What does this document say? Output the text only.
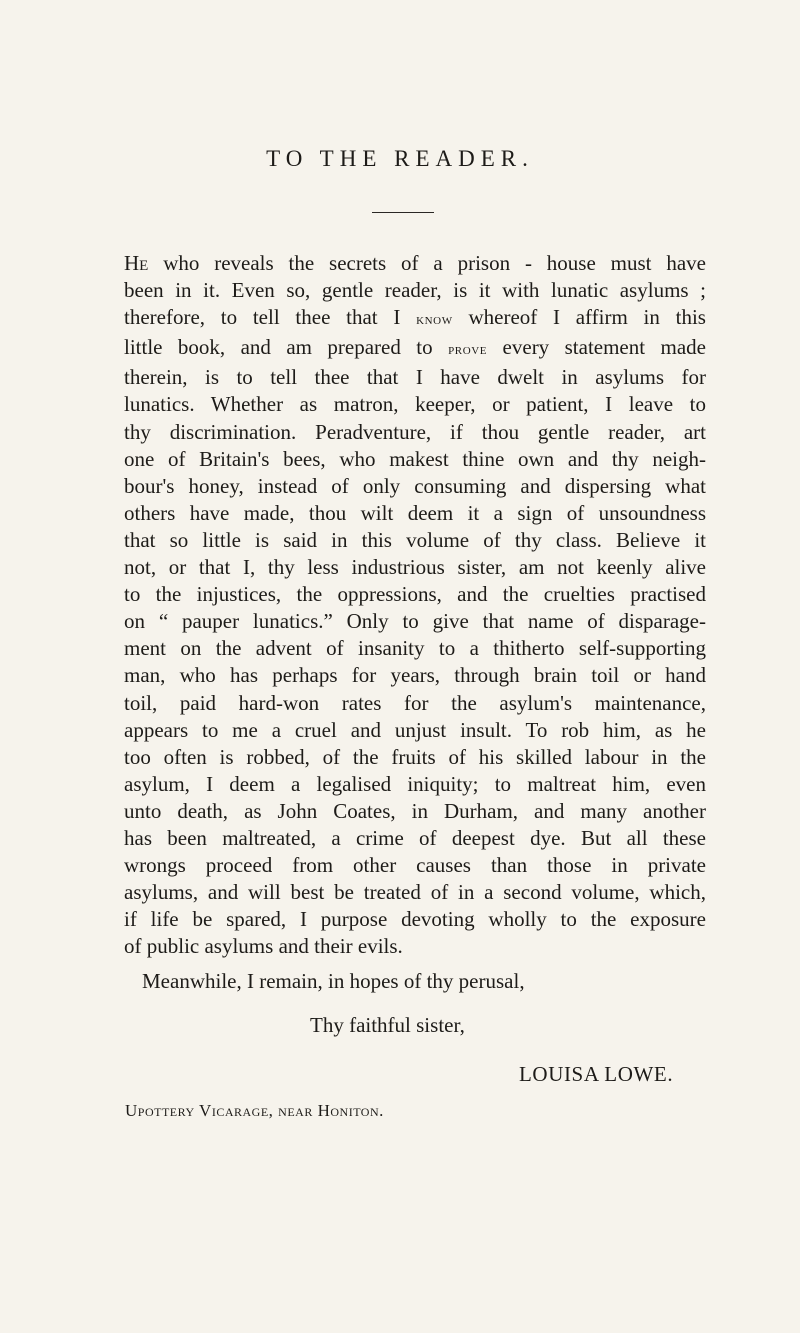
TO THE READER.
He who reveals the secrets of a prison - house must have
been in it. Even so, gentle reader, is it with lunatic asylums ;
therefore, to tell thee that I know whereof I affirm in this
little book, and am prepared to prove every statement made
therein, is to tell thee that I have dwelt in asylums for
lunatics. Whether as matron, keeper, or patient, I leave to
thy discrimination. Peradventure, if thou gentle reader, art
one of Britain's bees, who makest thine own and thy neigh-
bour's honey, instead of only consuming and dispersing what
others have made, thou wilt deem it a sign of unsoundness
that so little is said in this volume of thy class. Believe it
not, or that I, thy less industrious sister, am not keenly alive
to the injustices, the oppressions, and the cruelties practised
on “ pauper lunatics.” Only to give that name of disparage-
ment on the advent of insanity to a thitherto self-supporting
man, who has perhaps for years, through brain toil or hand
toil, paid hard-won rates for the asylum's maintenance,
appears to me a cruel and unjust insult. To rob him, as he
too often is robbed, of the fruits of his skilled labour in the
asylum, I deem a legalised iniquity; to maltreat him, even
unto death, as John Coates, in Durham, and many another
has been maltreated, a crime of deepest dye. But all these
wrongs proceed from other causes than those in private
asylums, and will best be treated of in a second volume, which,
if life be spared, I purpose devoting wholly to the exposure
of public asylums and their evils.
Meanwhile, I remain, in hopes of thy perusal,
Thy faithful sister,
LOUISA LOWE.
Upottery Vicarage, near Honiton.
